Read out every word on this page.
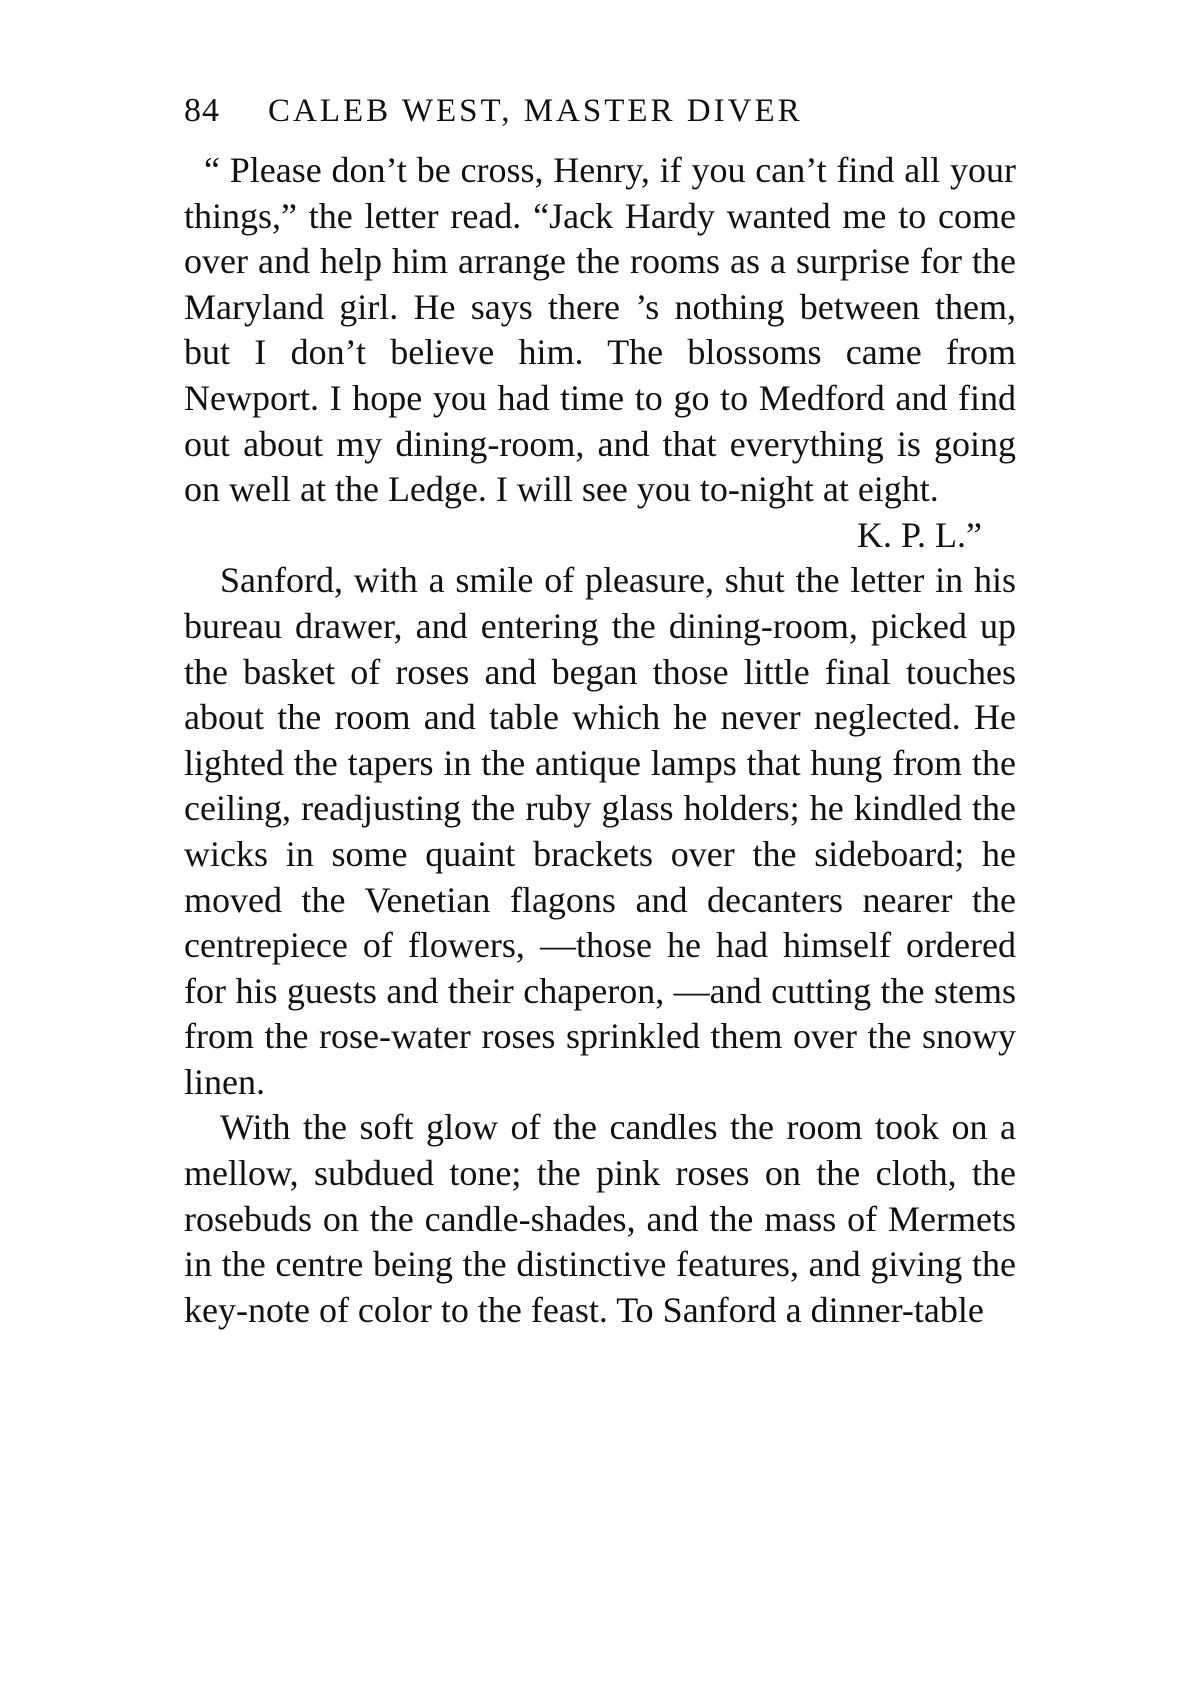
84	CALEB WEST, MASTER DIVER

“ Please don’t be cross, Henry, if you can’t find all your things,” the letter read. “Jack Hardy wanted me to come over and help him arrange the rooms as a surprise for the Maryland girl. He says there ’s nothing between them, but I don’t believe him. The blossoms came from Newport. I hope you had time to go to Medford and find out about my dining-room, and that everything is going on well at the Ledge. I will see you to-night at eight.

K. P. L.”

Sanford, with a smile of pleasure, shut the letter in his bureau drawer, and entering the dining-room, picked up the basket of roses and began those little final touches about the room and table which he never neglected. He lighted the tapers in the antique lamps that hung from the ceiling, readjusting the ruby glass holders; he kindled the wicks in some quaint brackets over the sideboard; he moved the Venetian flagons and decanters nearer the centrepiece of flowers, —those he had himself ordered for his guests and their chaperon, —and cutting the stems from the rose-water roses sprinkled them over the snowy linen.

With the soft glow of the candles the room took on a mellow, subdued tone; the pink roses on the cloth, the rosebuds on the candle-shades, and the mass of Mermets in the centre being the distinctive features, and giving the key-note of color to the feast. To Sanford a dinner-table
